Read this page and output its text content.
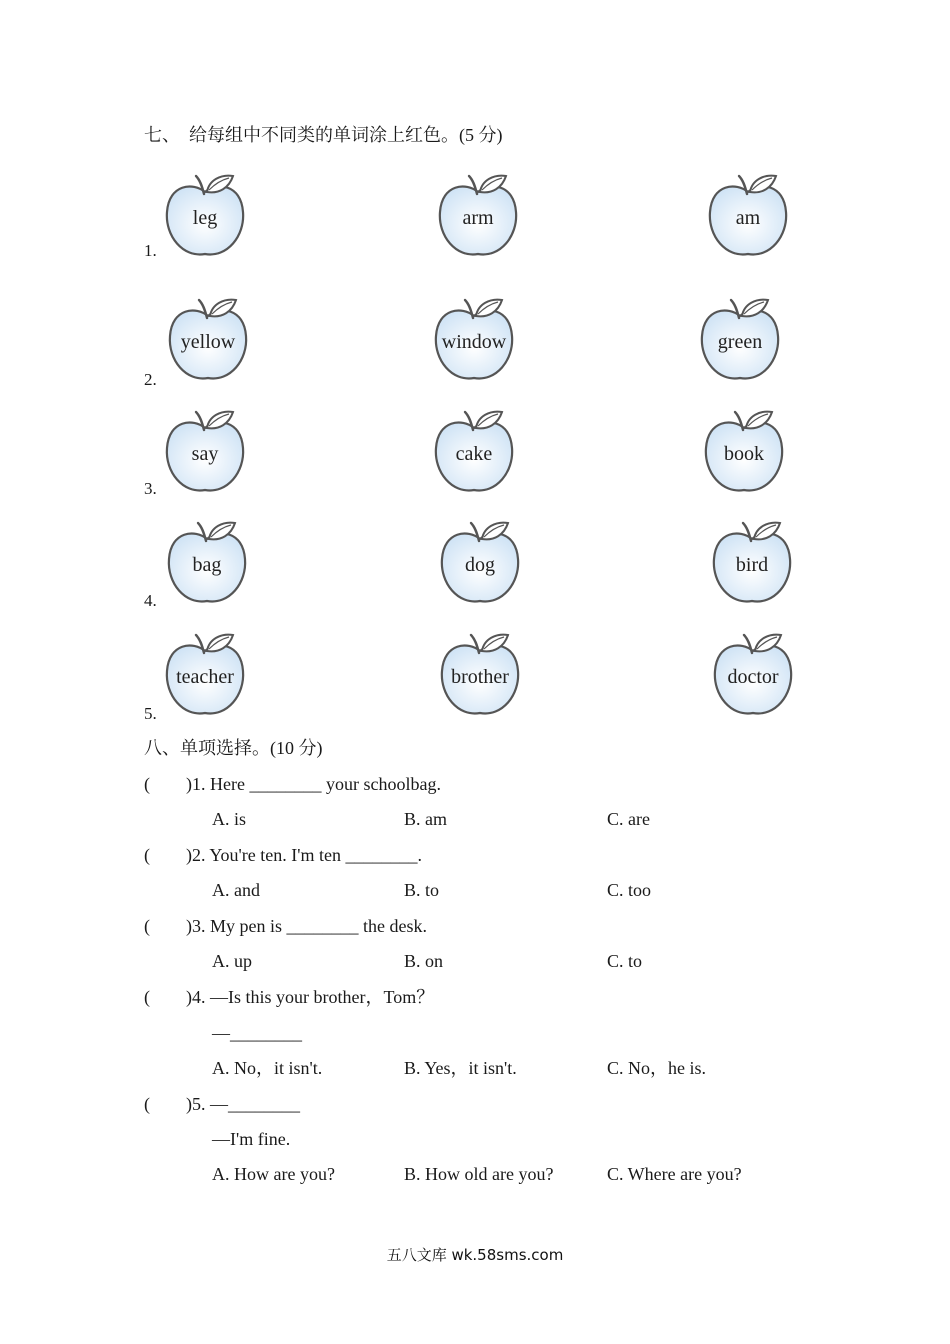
七、  给每组中不同类的单词涂上红色。(5 分)
1.
leg	arm	am
2.
yellow	window	green
3.
say	cake	book
4.
bag	dog	bird
5.
teacher	brother	doctor
八、单项选择。(10 分)
(        )1. Here ________ your schoolbag.
A. is	B. am	C. are
(        )2. You're ten. I'm ten ________.
A. and	B. to	C. too
(        )3. My pen is ________ the desk.
A. up	B. on	C. to
(        )4. —Is this your brother，Tom？
—________
A. No，it isn't.	B. Yes，it isn't.	C. No，he is.
(        )5. —________
—I'm fine.
A. How are you?	B. How old are you?	C. Where are you?
五八文库 wk.58sms.com
